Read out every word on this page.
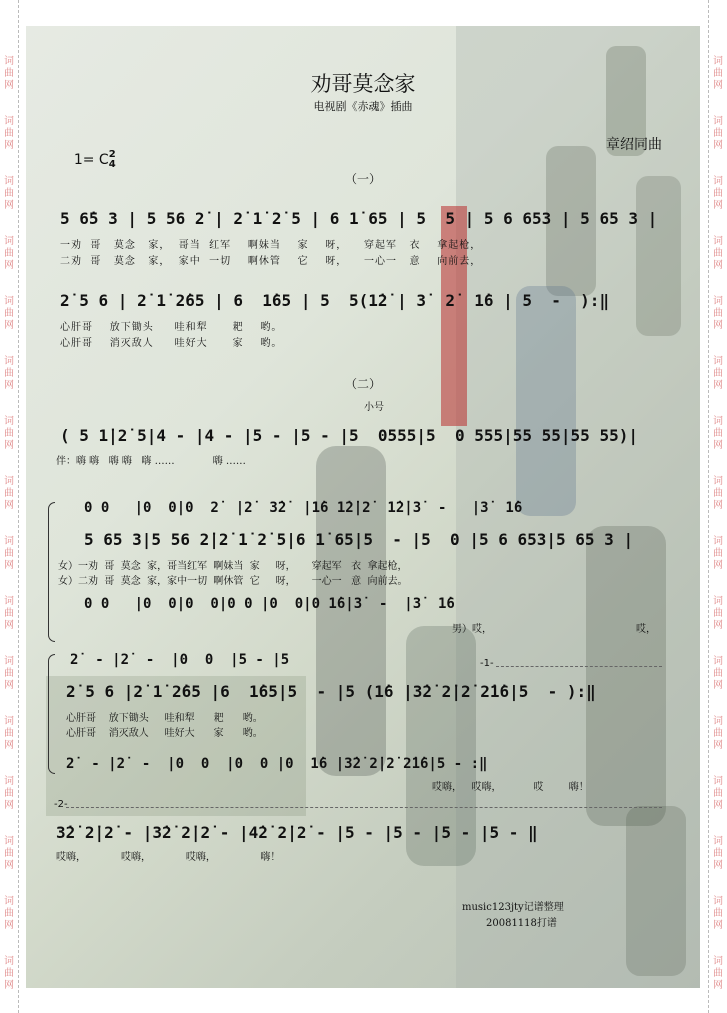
词
曲
网
词
曲
网
词
曲
网
词
曲
网
词
曲
网
词
曲
网
词
曲
网
词
曲
网
词
曲
网
词
曲
网
词
曲
网
词
曲
网
词
曲
网
词
曲
网
词
曲
网
词
曲
网
词
曲
网
词
曲
网
词
曲
网
词
曲
网
词
曲
网
词
曲
网
词
曲
网
词
曲
网
词
曲
网
词
曲
网
词
曲
网
词
曲
网
词
曲
网
词
曲
网
词
曲
网
词
曲
网
劝哥莫念家
电视剧《赤魂》插曲

1= C2
4

章绍同曲
（一）
5 6̇5 3 | 5 56 2̇ | 2̇ 1̇ 2̇ 5 | 6 1̇ 65 | 5  5 | 5 6 653 | 5 65 3 |
一劝  哥   莫念   家，  哥当  红军    啊妹当    家    呀，    穿起军   衣    拿起枪，
二劝  哥   莫念   家，  家中  一切    啊休管    它    呀，    一心一   意    向前去，
2̇ 5 6 | 2̇ 1̇ 2̇65 | 6  1̇65 | 5  5(1̇2̇ | 3̇  2̇  1̇6 | 5  -  ):‖
心肝哥    放下锄头     哇和犁      耙    哟。
心肝哥    消灭敌人     哇好大      家    哟。
（二）
小号
( 5 1̇|2̇ 5|4 - |4 - |5 - |5 - |5  0555|5  0 555|55 55|55 55)|
伴：嗨 嗨   嗨 嗨   嗨 ……            嗨 ……
0 0   |0  0|0  2̇  |2̇  3̇2̇  |1̇6 1̇2̇|2̇  1̇2̇|3̇  -   |3̇  1̇6
5 65 3|5 56 2̇|2̇ 1̇ 2̇ 5|6 1̇ 65|5  - |5  0 |5 6 653|5 65 3 |
女）一劝  哥  莫念  家，哥当红军  啊妹当  家     呀，     穿起军   衣  拿起枪，
女）二劝  哥  莫念  家，家中一切  啊休管  它     呀，     一心一   意  向前去。
0 0   |0  0|0  0|0 0 |0  0|0 1̇6|3̇  -  |3̇  1̇6
男）哎，	哎，
2̇  - |2̇  -  |0  0  |5 - |5	-1-
2̇ 5 6 |2̇ 1̇ 2̇65 |6  1̇65|5  - |5 (1̇6 |3̇2̇ 2̇|2̇ 2̇1̇6|5  - ):‖
心肝哥    放下锄头     哇和犁      耙      哟。
心肝哥    消灭敌人     哇好大      家      哟。
2̇  - |2̇  -  |0  0  |0  0 |0  1̇6 |3̇2̇ 2̇|2̇ 2̇1̇6|5 - :‖
哎嗨，   哎嗨，          哎        嗨！
-2-
3̇2̇ 2̇|2̇ - |3̇2̇ 2̇|2̇ - |4̇2̇ 2̇|2̇ - |5 - |5 - |5 - |5 - ‖
哎嗨，           哎嗨，           哎嗨，              嗨！
music123jty记谱整理
20081118打谱
